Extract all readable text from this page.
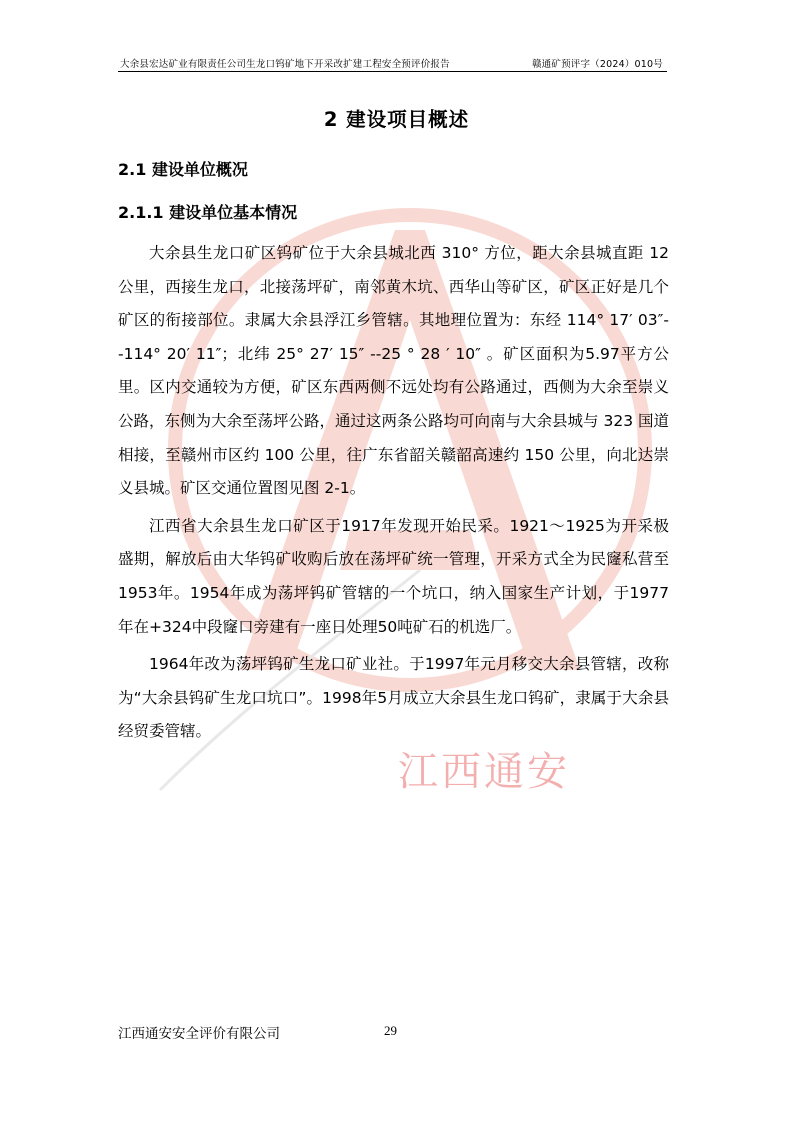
大余县宏达矿业有限责任公司生龙口钨矿地下开采改扩建工程安全预评价报告	赣通矿预评字（2024）010号
2 建设项目概述
2.1 建设单位概况
2.1.1 建设单位基本情况

大余县生龙口矿区钨矿位于大余县城北西 310° 方位，距大余县城直距 12 公里，西接生龙口，北接荡坪矿，南邻黄木坑、西华山等矿区，矿区正好是几个矿区的衔接部位。隶属大余县浮江乡管辖。其地理位置为：东经 114° 17′ 03″--114° 20′ 11″；北纬 25° 27′ 15″ --25 ° 28 ′ 10″ 。矿区面积为5.97平方公里。区内交通较为方便，矿区东西两侧不远处均有公路通过，西侧为大余至崇义公路，东侧为大余至荡坪公路，通过这两条公路均可向南与大余县城与 323 国道相接，至赣州市区约 100 公里，往广东省韶关赣韶高速约 150 公里，向北达崇义县城。矿区交通位置图见图 2-1。

江西省大余县生龙口矿区于1917年发现开始民采。1921～1925为开采极盛期，解放后由大华钨矿收购后放在荡坪矿统一管理，开采方式全为民窿私营至1953年。1954年成为荡坪钨矿管辖的一个坑口，纳入国家生产计划，于1977年在+324中段窿口旁建有一座日处理50吨矿石的机选厂。

1964年改为荡坪钨矿生龙口矿业社。于1997年元月移交大余县管辖，改称为“大余县钨矿生龙口坑口”。1998年5月成立大余县生龙口钨矿，隶属于大余县经贸委管辖。

江西通安
江西通安安全评价有限公司	29
